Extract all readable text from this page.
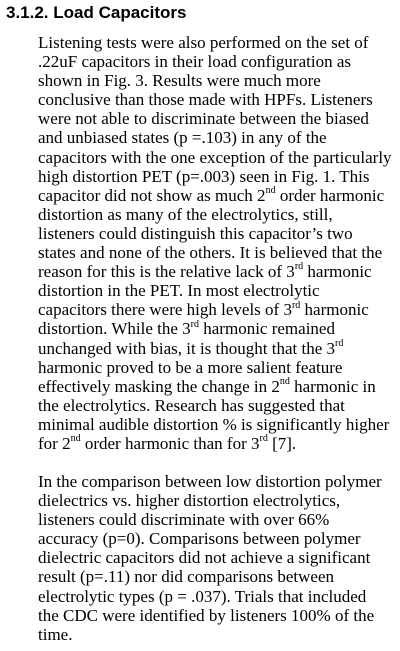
3.1.2. Load Capacitors

Listening tests were also performed on the set of
.22uF capacitors in their load configuration as
shown in Fig. 3. Results were much more
conclusive than those made with HPFs. Listeners
were not able to discriminate between the biased
and unbiased states (p =.103) in any of the
capacitors with the one exception of the particularly
high distortion PET (p=.003) seen in Fig. 1. This
capacitor did not show as much 2nd order harmonic
distortion as many of the electrolytics, still,
listeners could distinguish this capacitor’s two
states and none of the others. It is believed that the
reason for this is the relative lack of 3rd harmonic
distortion in the PET. In most electrolytic
capacitors there were high levels of 3rd harmonic
distortion. While the 3rd harmonic remained
unchanged with bias, it is thought that the 3rd
harmonic proved to be a more salient feature
effectively masking the change in 2nd harmonic in
the electrolytics. Research has suggested that
minimal audible distortion % is significantly higher
for 2nd order harmonic than for 3rd [7].

In the comparison between low distortion polymer
dielectrics vs. higher distortion electrolytics,
listeners could discriminate with over 66%
accuracy (p=0). Comparisons between polymer
dielectric capacitors did not achieve a significant
result (p=.11) nor did comparisons between
electrolytic types (p = .037). Trials that included
the CDC were identified by listeners 100% of the
time.
